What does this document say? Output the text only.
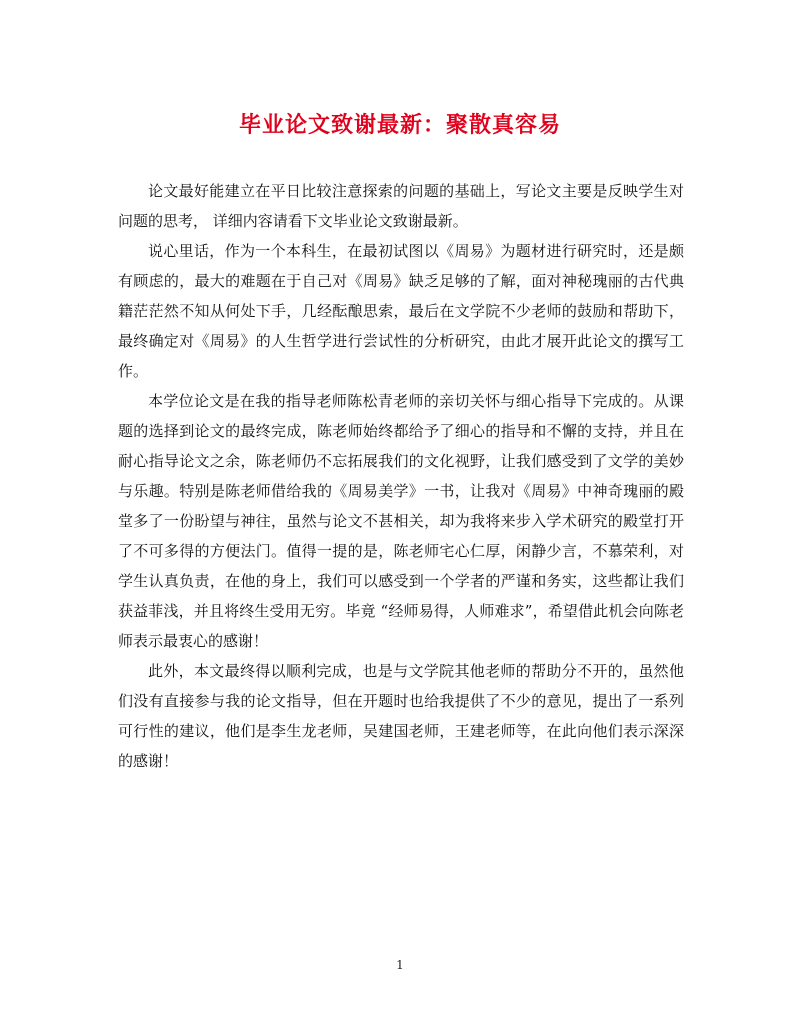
毕业论文致谢最新：聚散真容易

论文最好能建立在平日比较注意探索的问题的基础上，写论文主要是反映学生对问题的思考， 详细内容请看下文毕业论文致谢最新。

说心里话，作为一个本科生，在最初试图以《周易》为题材进行研究时，还是颇有顾虑的，最大的难题在于自己对《周易》缺乏足够的了解，面对神秘瑰丽的古代典籍茫茫然不知从何处下手，几经酝酿思索，最后在文学院不少老师的鼓励和帮助下，最终确定对《周易》的人生哲学进行尝试性的分析研究，由此才展开此论文的撰写工作。

本学位论文是在我的指导老师陈松青老师的亲切关怀与细心指导下完成的。从课题的选择到论文的最终完成，陈老师始终都给予了细心的指导和不懈的支持，并且在耐心指导论文之余，陈老师仍不忘拓展我们的文化视野，让我们感受到了文学的美妙与乐趣。特别是陈老师借给我的《周易美学》一书，让我对《周易》中神奇瑰丽的殿堂多了一份盼望与神往，虽然与论文不甚相关，却为我将来步入学术研究的殿堂打开了不可多得的方便法门。值得一提的是，陈老师宅心仁厚，闲静少言，不慕荣利，对学生认真负责，在他的身上，我们可以感受到一个学者的严谨和务实，这些都让我们获益菲浅，并且将终生受用无穷。毕竟 “经师易得，人师难求”，希望借此机会向陈老师表示最衷心的感谢！

此外，本文最终得以顺利完成，也是与文学院其他老师的帮助分不开的，虽然他们没有直接参与我的论文指导，但在开题时也给我提供了不少的意见，提出了一系列可行性的建议，他们是李生龙老师，吴建国老师，王建老师等，在此向他们表示深深的感谢！

1
